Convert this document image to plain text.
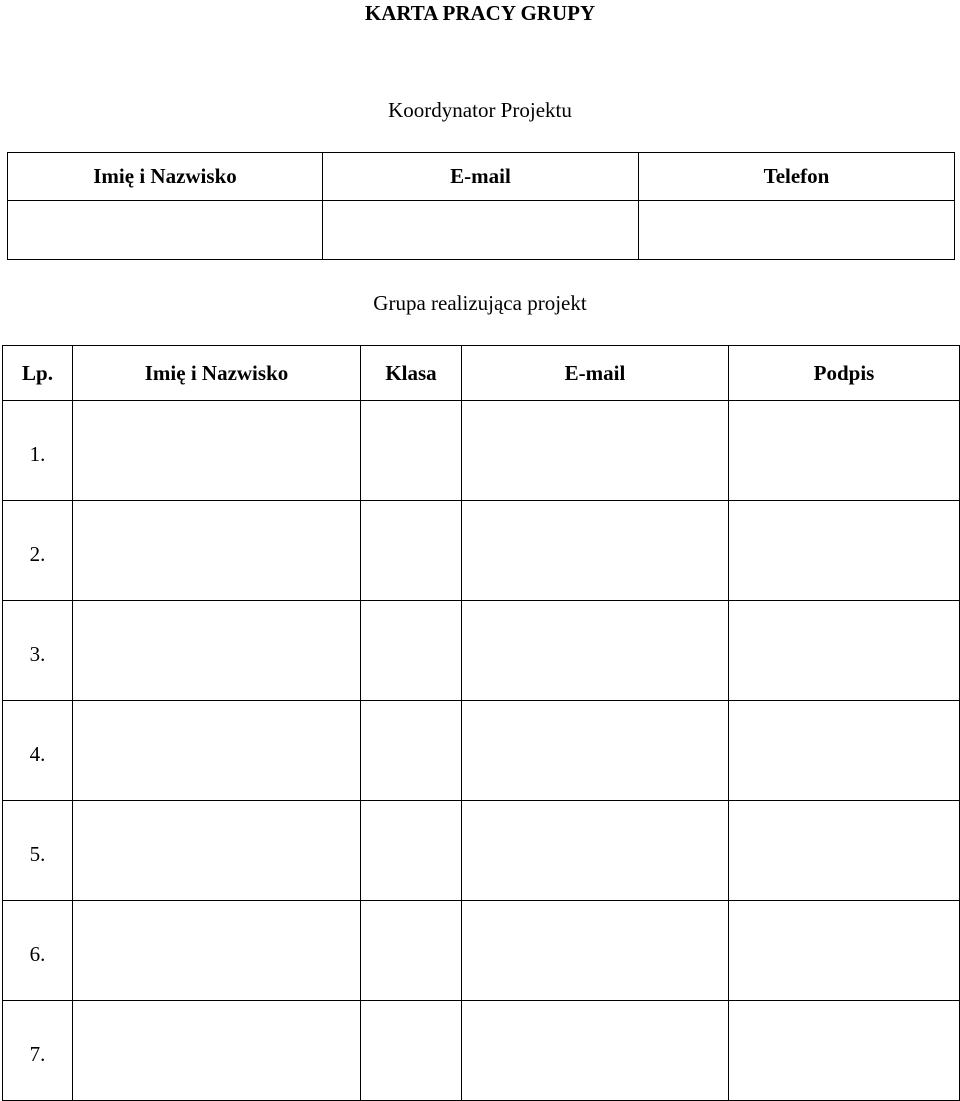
KARTA PRACY GRUPY
Koordynator Projektu
Imię i Nazwisko	E-mail	Telefon

Grupa realizująca projekt
Lp.	Imię i Nazwisko	Klasa	E-mail	Podpis
1.				
2.				
3.				
4.				
5.				
6.				
7.				
